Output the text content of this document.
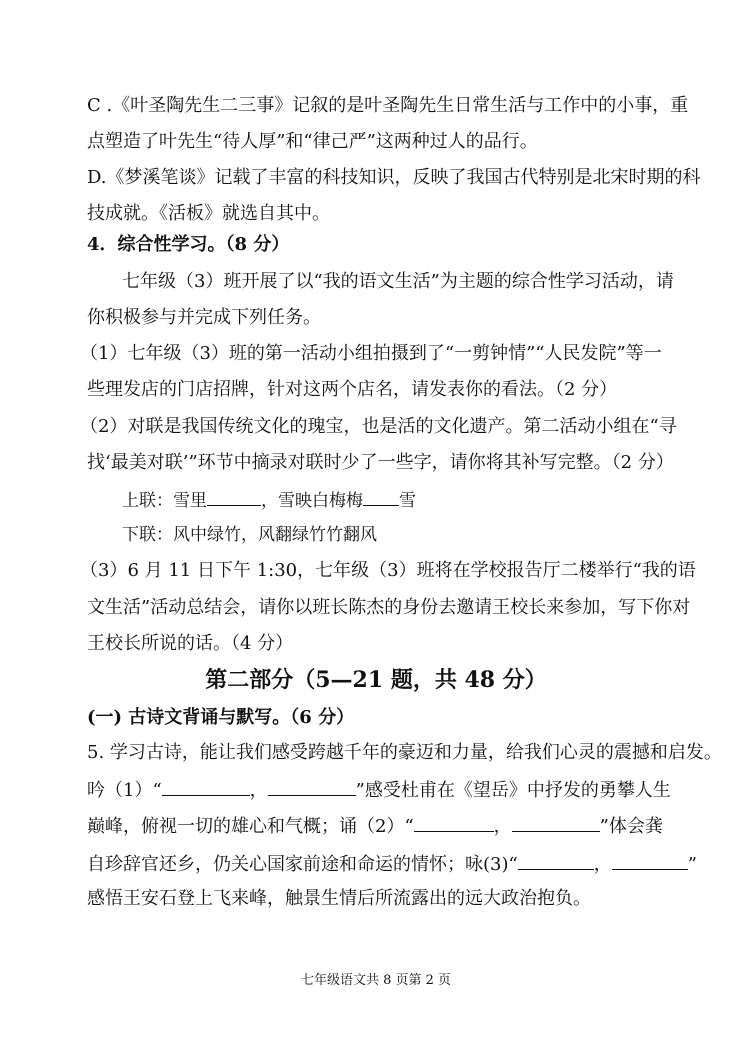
C .《叶圣陶先生二三事》记叙的是叶圣陶先生日常生活与工作中的小事，重
点塑造了叶先生“待人厚”和“律己严”这两种过人的品行。
D.《梦溪笔谈》记载了丰富的科技知识，反映了我国古代特别是北宋时期的科
技成就。《活板》就选自其中。
4．综合性学习。（8 分）
七年级（3）班开展了以“我的语文生活”为主题的综合性学习活动，请
你积极参与并完成下列任务。
（1）七年级（3）班的第一活动小组拍摄到了“一剪钟情”“人民发院”等一
些理发店的门店招牌，针对这两个店名，请发表你的看法。（2 分）
（2）对联是我国传统文化的瑰宝，也是活的文化遗产。第二活动小组在“寻
找‘最美对联’”环节中摘录对联时少了一些字，请你将其补写完整。（2 分）
上联：雪里	，雪映白梅梅 雪
下联：风中绿竹，风翻绿竹竹翻风
（3）6 月 11 日下午 1:30，七年级（3）班将在学校报告厅二楼举行“我的语
文生活”活动总结会，请你以班长陈杰的身份去邀请王校长来参加，写下你对
王校长所说的话。（4 分）
第二部分（5—21 题，共 48 分）
(一) 古诗文背诵与默写。（6 分）
5. 学习古诗，能让我们感受跨越千年的豪迈和力量，给我们心灵的震撼和启发。
吟（1）“	，	”感受杜甫在《望岳》中抒发的勇攀人生
巅峰，俯视一切的雄心和气概；诵（2）“	，	”体会龚
自珍辞官还乡，仍关心国家前途和命运的情怀；咏(3)“	，	”
感悟王安石登上飞来峰，触景生情后所流露出的远大政治抱负。
七年级语文共 8 页第 2 页
